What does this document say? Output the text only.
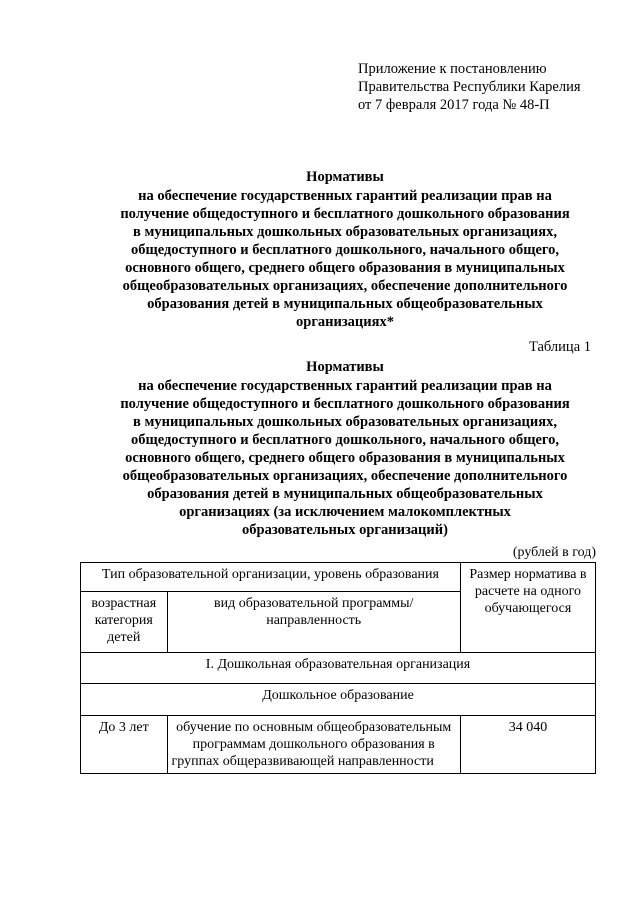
Приложение к постановлению
Правительства Республики Карелия
от 7 февраля 2017 года № 48-П
Нормативы
на обеспечение государственных гарантий реализации прав на
получение общедоступного и бесплатного дошкольного образования
в муниципальных дошкольных образовательных организациях,
общедоступного и бесплатного дошкольного, начального общего,
основного общего, среднего общего образования в муниципальных
общеобразовательных организациях, обеспечение дополнительного
образования детей в муниципальных общеобразовательных
организациях*
Таблица 1
Нормативы
на обеспечение государственных гарантий реализации прав на
получение общедоступного и бесплатного дошкольного образования
в муниципальных дошкольных образовательных организациях,
общедоступного и бесплатного дошкольного, начального общего,
основного общего, среднего общего образования в муниципальных
общеобразовательных организациях, обеспечение дополнительного
образования детей в муниципальных общеобразовательных
организациях (за исключением малокомплектных
образовательных организаций)
(рублей в год)
Тип образовательной организации, уровень образования		Размер норматива в расчете на одного обучающегося
возрастная категория детей	вид образовательной программы/ направленность	
I. Дошкольная образовательная организация		
Дошкольное образование		
До 3 лет	обучение по основным общеобразовательным программам дошкольного образования в группах общеразвивающей направленности	34 040
